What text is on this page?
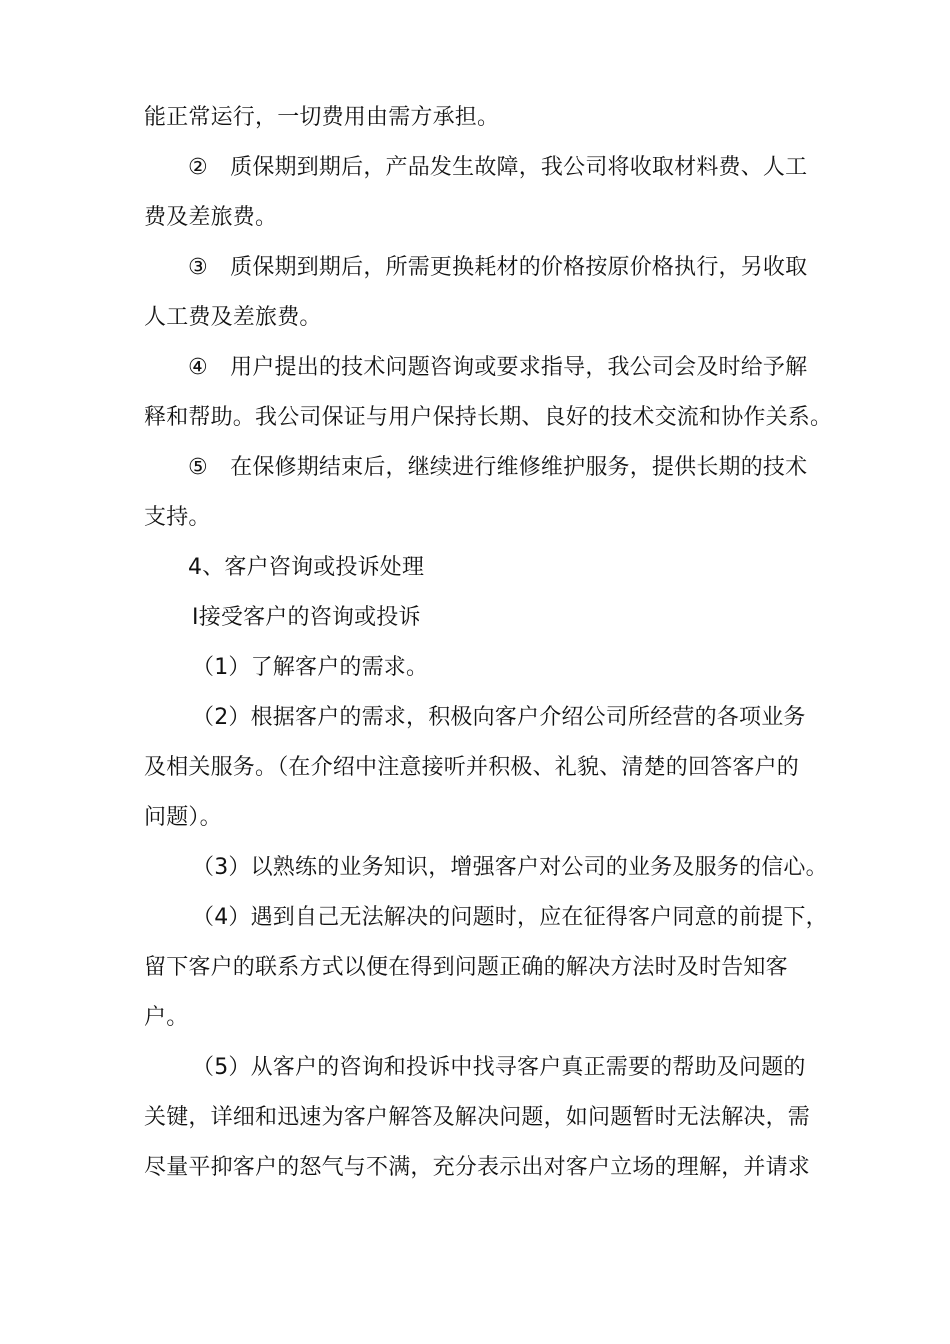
能正常运行，一切费用由需方承担。
②　质保期到期后，产品发生故障，我公司将收取材料费、人工
费及差旅费。
③　质保期到期后，所需更换耗材的价格按原价格执行，另收取
人工费及差旅费。
④　用户提出的技术问题咨询或要求指导，我公司会及时给予解
释和帮助。我公司保证与用户保持长期、良好的技术交流和协作关系。
⑤　在保修期结束后，继续进行维修维护服务，提供长期的技术
支持。
4、客户咨询或投诉处理
Ⅰ接受客户的咨询或投诉
（1）了解客户的需求。
（2）根据客户的需求，积极向客户介绍公司所经营的各项业务
及相关服务。（在介绍中注意接听并积极、礼貌、清楚的回答客户的
问题）。
（3）以熟练的业务知识，增强客户对公司的业务及服务的信心。
（4）遇到自己无法解决的问题时，应在征得客户同意的前提下，
留下客户的联系方式以便在得到问题正确的解决方法时及时告知客
户。
（5）从客户的咨询和投诉中找寻客户真正需要的帮助及问题的
关键，详细和迅速为客户解答及解决问题，如问题暂时无法解决，需
尽量平抑客户的怒气与不满，充分表示出对客户立场的理解，并请求
